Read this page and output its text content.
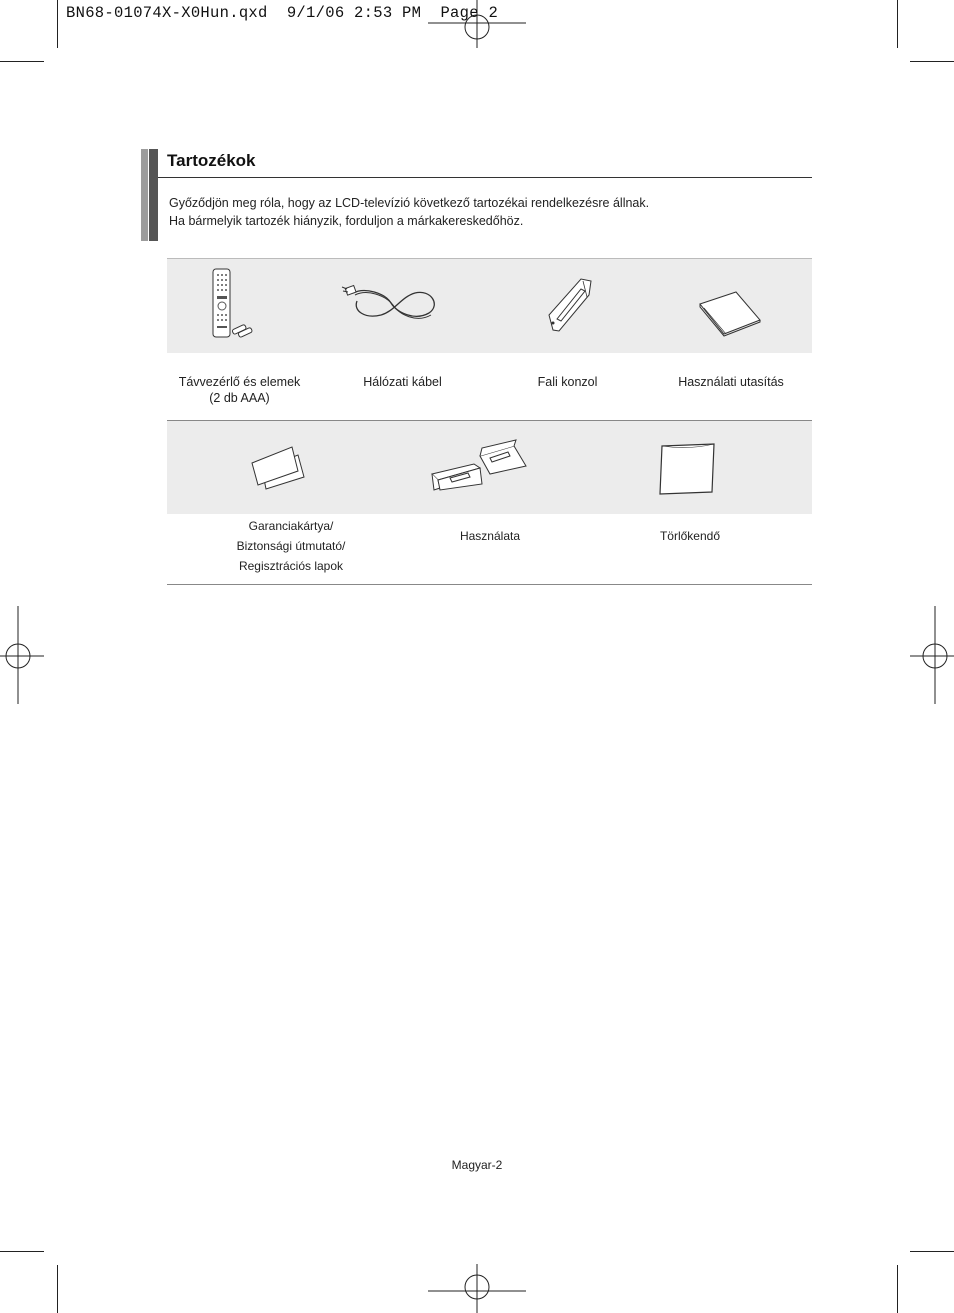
BN68-01074X-X0Hun.qxd  9/1/06 2:53 PM  Page 2
Tartozékok
Győződjön meg róla, hogy az LCD-televízió következő tartozékai rendelkezésre állnak.
Ha bármelyik tartozék hiányzik, forduljon a márkakereskedőhöz.
Távvezérlő és elemek
(2 db AAA)
Hálózati kábel	Fali konzol	Használati utasítás
Garanciakártya/
Biztonsági útmutató/
Regisztrációs lapok
Használata	Törlőkendő
Magyar-2
